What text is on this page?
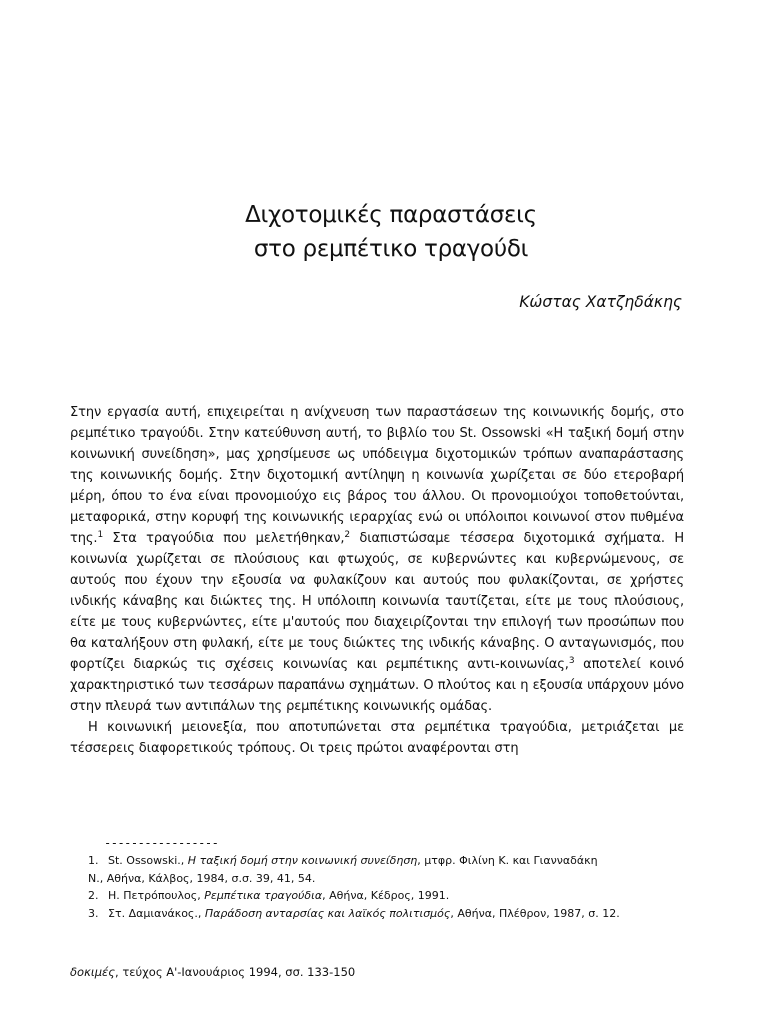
Διχοτομικές παραστάσεις
στο ρεμπέτικο τραγούδι
Κώστας Χατζηδάκης

Στην εργασία αυτή, επιχειρείται η ανίχνευση των παραστάσεων της κοινωνικής δομής, στο ρεμπέτικο τραγούδι. Στην κατεύθυνση αυτή, το βιβλίο του St. Ossowski «Η ταξική δομή στην κοινωνική συνείδηση», μας χρησίμευσε ως υπόδειγμα διχοτομικών τρόπων αναπαράστασης της κοινωνικής δομής. Στην διχοτομική αντίληψη η κοινωνία χωρίζεται σε δύο ετεροβαρή μέρη, όπου το ένα είναι προνομιούχο εις βάρος του άλλου. Οι προνομιούχοι τοποθετούνται, μεταφορικά, στην κορυφή της κοινωνικής ιεραρχίας ενώ οι υπόλοιποι κοινωνοί στον πυθμένα της.$^1$ Στα τραγούδια που μελετήθηκαν,$^2$ διαπιστώσαμε τέσσερα διχοτομικά σχήματα. Η κοινωνία χωρίζεται σε πλούσιους και φτωχούς, σε κυβερνώντες και κυβερνώμενους, σε αυτούς που έχουν την εξουσία να φυλακίζουν και αυτούς που φυλακίζονται, σε χρήστες ινδικής κάναβης και διώκτες της. Η υπόλοιπη κοινωνία ταυτίζεται, είτε με τους πλούσιους, είτε με τους κυβερνώντες, είτε μ'αυτούς που διαχειρίζονται την επιλογή των προσώπων που θα καταλήξουν στη φυλακή, είτε με τους διώκτες της ινδικής κάναβης. Ο ανταγωνισμός, που φορτίζει διαρκώς τις σχέσεις κοινωνίας και ρεμπέτικης αντι-κοινωνίας,$^3$ αποτελεί κοινό χαρακτηριστικό των τεσσάρων παραπάνω σχημάτων. Ο πλούτος και η εξουσία υπάρχουν μόνο στην πλευρά των αντιπάλων της ρεμπέτικης κοινωνικής ομάδας.

Η κοινωνική μειονεξία, που αποτυπώνεται στα ρεμπέτικα τραγούδια, μετριάζεται με τέσσερεις διαφορετικούς τρόπους. Οι τρεις πρώτοι αναφέρονται στη

-----------------

1. St. Ossowski., Η ταξική δομή στην κοινωνική συνείδηση, μτφρ. Φιλίνη Κ. και Γιανναδάκη

Ν., Αθήνα, Κάλβος, 1984, σ.σ. 39, 41, 54.

2. Η. Πετρόπουλος, Ρεμπέτικα τραγούδια, Αθήνα, Κέδρος, 1991.

3. Στ. Δαμιανάκος., Παράδοση ανταρσίας και λαϊκός πολιτισμός, Αθήνα, Πλέθρον, 1987, σ. 12.

δοκιμές, τεύχος Α'-Ιανουάριος 1994, σσ. 133-150
